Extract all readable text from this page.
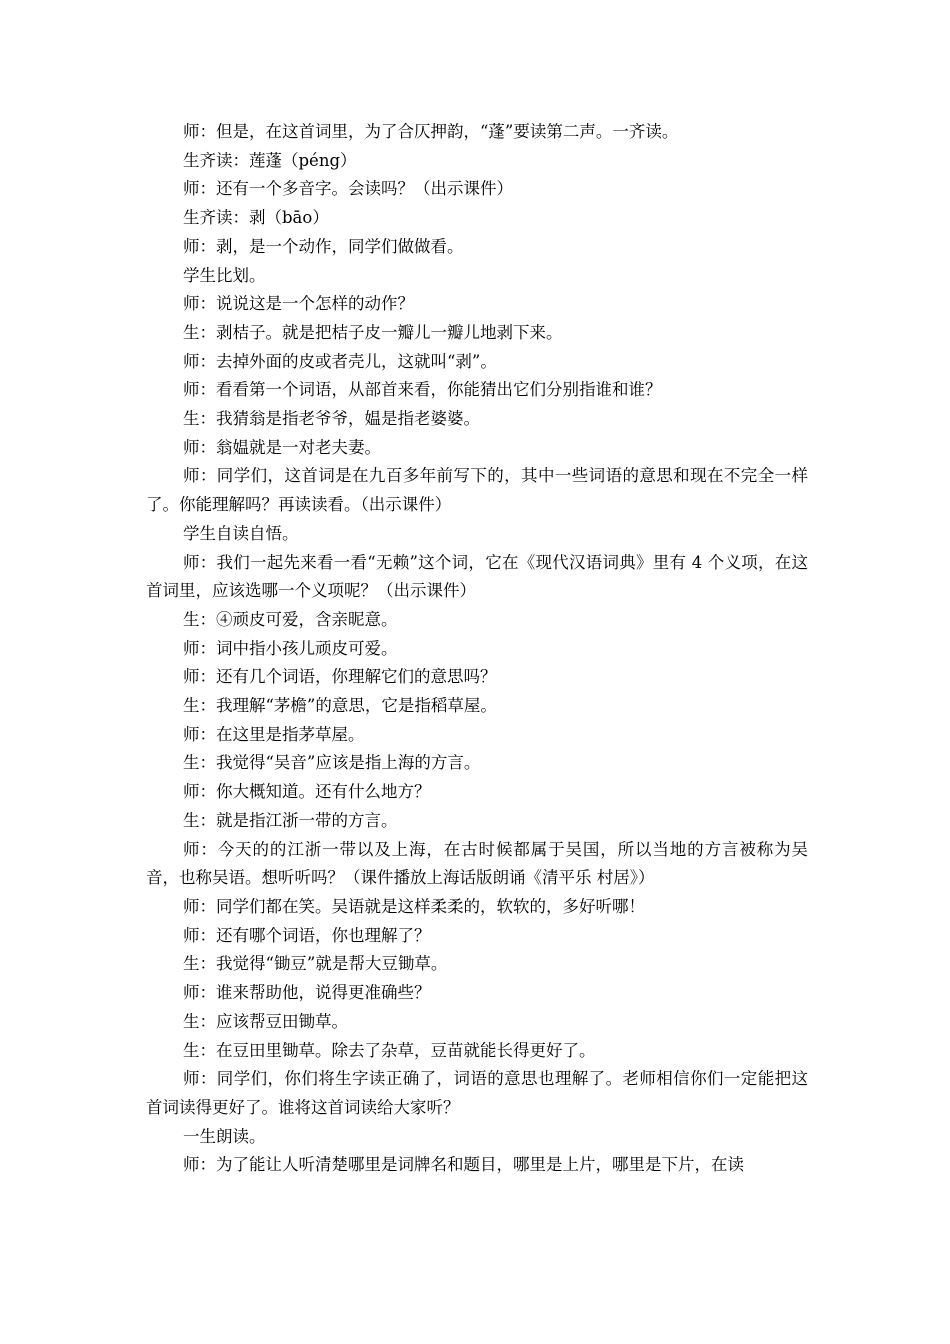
师：但是，在这首词里，为了合仄押韵，“蓬”要读第二声。一齐读。

生齐读：莲蓬（péng）

师：还有一个多音字。会读吗？（出示课件）

生齐读：剥（bāo）

师：剥，是一个动作，同学们做做看。

学生比划。

师：说说这是一个怎样的动作？

生：剥桔子。就是把桔子皮一瓣儿一瓣儿地剥下来。

师：去掉外面的皮或者壳儿，这就叫“剥”。

师：看看第一个词语，从部首来看，你能猜出它们分别指谁和谁？

生：我猜翁是指老爷爷，媪是指老婆婆。

师：翁媪就是一对老夫妻。

师：同学们，这首词是在九百多年前写下的，其中一些词语的意思和现在不完全一样了。你能理解吗？再读读看。（出示课件）

学生自读自悟。

师：我们一起先来看一看“无赖”这个词，它在《现代汉语词典》里有 4 个义项，在这首词里，应该选哪一个义项呢？（出示课件）

生：④顽皮可爱，含亲昵意。

师：词中指小孩儿顽皮可爱。

师：还有几个词语，你理解它们的意思吗？

生：我理解“茅檐”的意思，它是指稻草屋。

师：在这里是指茅草屋。

生：我觉得“吴音”应该是指上海的方言。

师：你大概知道。还有什么地方？

生：就是指江浙一带的方言。

师：今天的的江浙一带以及上海，在古时候都属于吴国，所以当地的方言被称为吴音，也称吴语。想听听吗？（课件播放上海话版朗诵《清平乐 村居》）

师：同学们都在笑。吴语就是这样柔柔的，软软的，多好听哪！

师：还有哪个词语，你也理解了？

生：我觉得“锄豆”就是帮大豆锄草。

师：谁来帮助他，说得更准确些？

生：应该帮豆田锄草。

生：在豆田里锄草。除去了杂草，豆苗就能长得更好了。

师：同学们，你们将生字读正确了，词语的意思也理解了。老师相信你们一定能把这首词读得更好了。谁将这首词读给大家听？

一生朗读。

师：为了能让人听清楚哪里是词牌名和题目，哪里是上片，哪里是下片，在读
